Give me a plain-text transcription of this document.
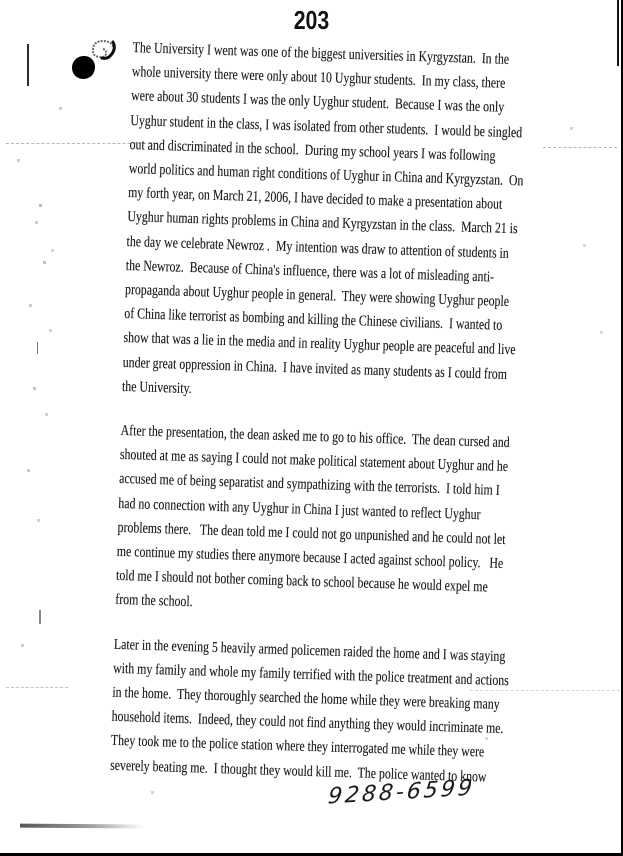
203
The University I went was one of the biggest universities in Kyrgyzstan.  In the
whole university there were only about 10 Uyghur students.  In my class, there
were about 30 students I was the only Uyghur student.  Because I was the only
Uyghur student in the class, I was isolated from other students.  I would be singled
out and discriminated in the school.  During my school years I was following
world politics and human right conditions of Uyghur in China and Kyrgyzstan.  On
my forth year, on March 21, 2006, I have decided to make a presentation about
Uyghur human rights problems in China and Kyrgyzstan in the class.  March 21 is
the day we celebrate Newroz .  My intention was draw to attention of students in
the Newroz.  Because of China's influence, there was a lot of misleading anti-
propaganda about Uyghur people in general.  They were showing Uyghur people
of China like terrorist as bombing and killing the Chinese civilians.  I wanted to
show that was a lie in the media and in reality Uyghur people are peaceful and live
under great oppression in China.  I have invited as many students as I could from
the University.
After the presentation, the dean asked me to go to his office.  The dean cursed and
shouted at me as saying I could not make political statement about Uyghur and he
accused me of being separatist and sympathizing with the terrorists.  I told him I
had no connection with any Uyghur in China I just wanted to reflect Uyghur
problems there.   The dean told me I could not go unpunished and he could not let
me continue my studies there anymore because I acted against school policy.   He
told me I should not bother coming back to school because he would expel me
from the school.
Later in the evening 5 heavily armed policemen raided the home and I was staying
with my family and whole my family terrified with the police treatment and actions
in the home.  They thoroughly searched the home while they were breaking many
household items.  Indeed, they could not find anything they would incriminate me.
They took me to the police station where they interrogated me while they were
severely beating me.  I thought they would kill me.  The police wanted to know
9288-6599
